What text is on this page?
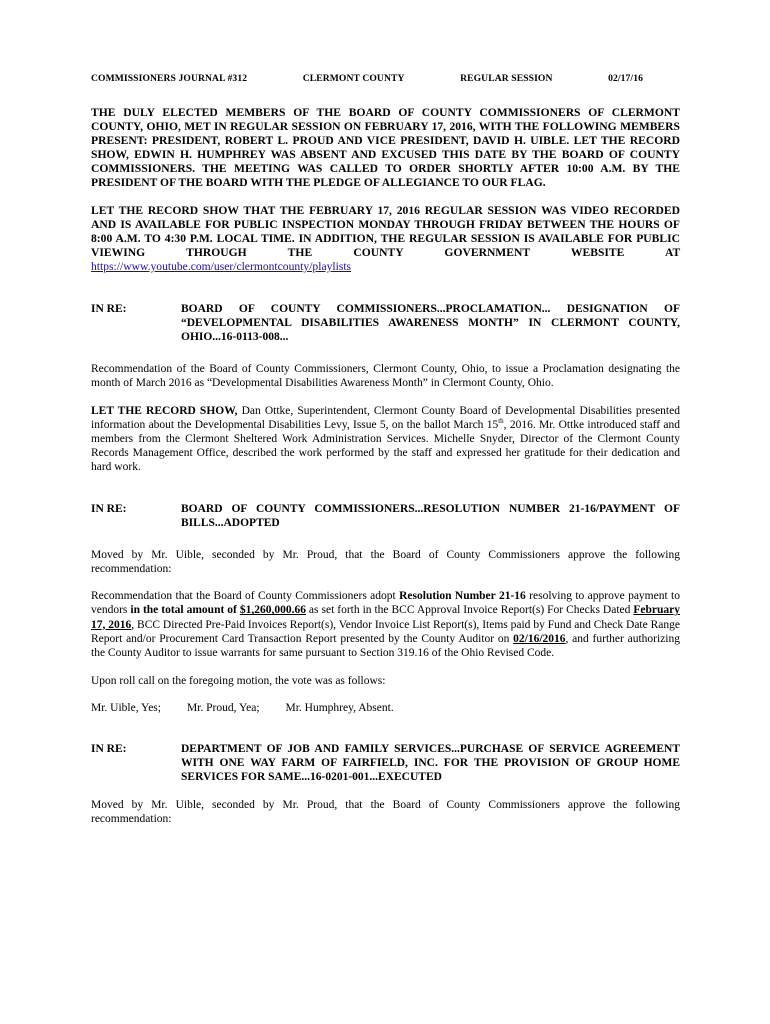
COMMISSIONERS JOURNAL #312	CLERMONT COUNTY	REGULAR SESSION	02/17/16

THE DULY ELECTED MEMBERS OF THE BOARD OF COUNTY COMMISSIONERS OF CLERMONT COUNTY, OHIO, MET IN REGULAR SESSION ON FEBRUARY 17, 2016, WITH THE FOLLOWING MEMBERS PRESENT: PRESIDENT, ROBERT L. PROUD AND VICE PRESIDENT, DAVID H. UIBLE. LET THE RECORD SHOW, EDWIN H. HUMPHREY WAS ABSENT AND EXCUSED THIS DATE BY THE BOARD OF COUNTY COMMISSIONERS. THE MEETING WAS CALLED TO ORDER SHORTLY AFTER 10:00 A.M. BY THE PRESIDENT OF THE BOARD WITH THE PLEDGE OF ALLEGIANCE TO OUR FLAG.

LET THE RECORD SHOW THAT THE FEBRUARY 17, 2016 REGULAR SESSION WAS VIDEO RECORDED AND IS AVAILABLE FOR PUBLIC INSPECTION MONDAY THROUGH FRIDAY BETWEEN THE HOURS OF 8:00 A.M. TO 4:30 P.M. LOCAL TIME. IN ADDITION, THE REGULAR SESSION IS AVAILABLE FOR PUBLIC VIEWING THROUGH THE COUNTY GOVERNMENT WEBSITE AT https://www.youtube.com/user/clermontcounty/playlists

IN RE:	BOARD OF COUNTY COMMISSIONERS...PROCLAMATION... DESIGNATION OF “DEVELOPMENTAL DISABILITIES AWARENESS MONTH” IN CLERMONT COUNTY, OHIO...16-0113-008...

Recommendation of the Board of County Commissioners, Clermont County, Ohio, to issue a Proclamation designating the month of March 2016 as “Developmental Disabilities Awareness Month” in Clermont County, Ohio.

LET THE RECORD SHOW, Dan Ottke, Superintendent, Clermont County Board of Developmental Disabilities presented information about the Developmental Disabilities Levy, Issue 5, on the ballot March 15th, 2016. Mr. Ottke introduced staff and members from the Clermont Sheltered Work Administration Services. Michelle Snyder, Director of the Clermont County Records Management Office, described the work performed by the staff and expressed her gratitude for their dedication and hard work.

IN RE:	BOARD OF COUNTY COMMISSIONERS...RESOLUTION NUMBER 21-16/PAYMENT OF BILLS...ADOPTED

Moved by Mr. Uible, seconded by Mr. Proud, that the Board of County Commissioners approve the following recommendation:

Recommendation that the Board of County Commissioners adopt Resolution Number 21-16 resolving to approve payment to vendors in the total amount of $1,260,000.66 as set forth in the BCC Approval Invoice Report(s) For Checks Dated February 17, 2016, BCC Directed Pre-Paid Invoices Report(s), Vendor Invoice List Report(s), Items paid by Fund and Check Date Range Report and/or Procurement Card Transaction Report presented by the County Auditor on 02/16/2016, and further authorizing the County Auditor to issue warrants for same pursuant to Section 319.16 of the Ohio Revised Code.

Upon roll call on the foregoing motion, the vote was as follows:

Mr. Uible, Yes; Mr. Proud, Yea; Mr. Humphrey, Absent.
IN RE:	DEPARTMENT OF JOB AND FAMILY SERVICES...PURCHASE OF SERVICE AGREEMENT WITH ONE WAY FARM OF FAIRFIELD, INC. FOR THE PROVISION OF GROUP HOME SERVICES FOR SAME...16-0201-001...EXECUTED

Moved by Mr. Uible, seconded by Mr. Proud, that the Board of County Commissioners approve the following recommendation:
